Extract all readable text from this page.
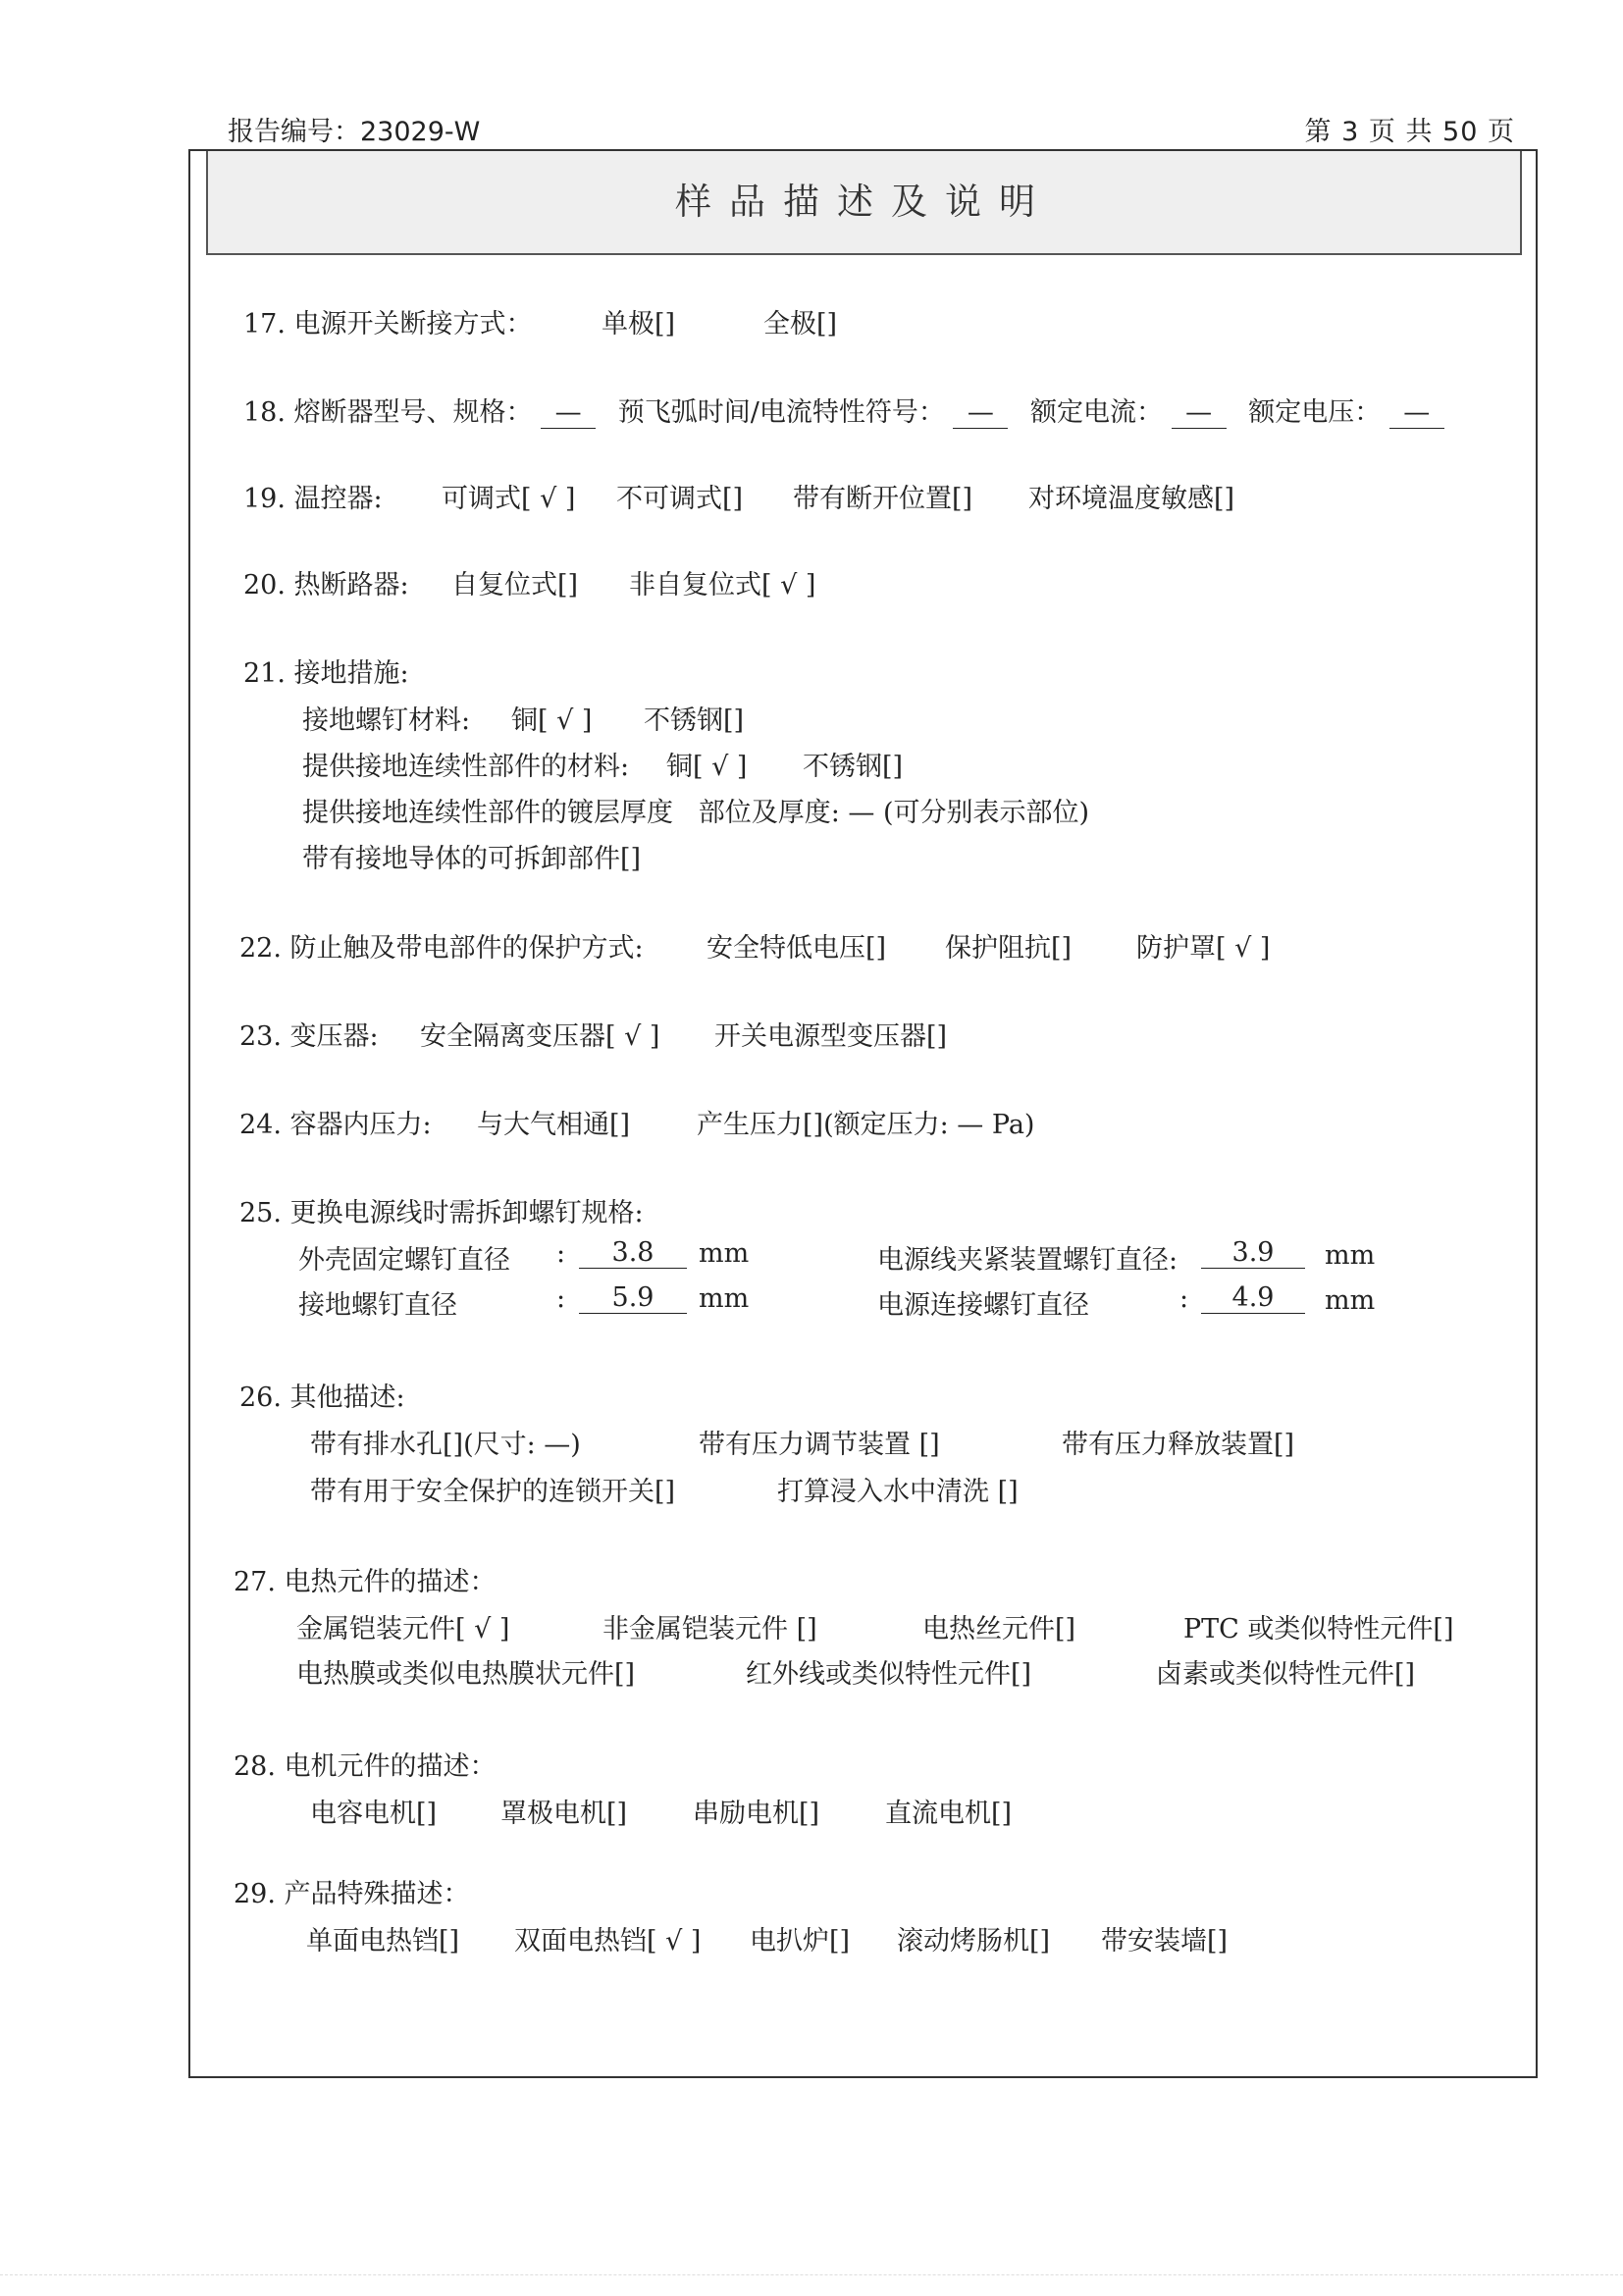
报告编号：23029-W	第 3 页 共 50 页
样品描述及说明
17. 电源开关断接方式：	单极[]	全极[]
18. 熔断器型号、规格： — 预飞弧时间/电流特性符号： — 额定电流： — 额定电压： —
19. 温控器: 可调式[ √ ] 不可调式[] 带有断开位置[] 对环境温度敏感[]
20. 热断路器: 自复位式[] 非自复位式[ √ ]
21. 接地措施:
接地螺钉材料: 铜[ √ ] 不锈钢[]
提供接地连续性部件的材料: 铜[ √ ] 不锈钢[]
提供接地连续性部件的镀层厚度   部位及厚度: — (可分别表示部位)
带有接地导体的可拆卸部件[]
22. 防止触及带电部件的保护方式: 安全特低电压[] 保护阻抗[] 防护罩[ √ ]
23. 变压器: 安全隔离变压器[ √ ] 开关电源型变压器[]
24. 容器内压力: 与大气相通[]	产生压力[](额定压力: — Pa)
25. 更换电源线时需拆卸螺钉规格:
外壳固定螺钉直径 :	3.8	mm	电源线夹紧装置螺钉直径:	3.9	mm
接地螺钉直径	:	5.9	mm	电源连接螺钉直径	:	4.9	mm
26. 其他描述:
带有排水孔[](尺寸: —)	带有压力调节装置 []	带有压力释放装置[]
带有用于安全保护的连锁开关[]	打算浸入水中清洗 []
27. 电热元件的描述：
金属铠装元件[ √ ]	非金属铠装元件 []	电热丝元件[]	PTC 或类似特性元件[]
电热膜或类似电热膜状元件[]	红外线或类似特性元件[]	卤素或类似特性元件[]
28. 电机元件的描述：
电容电机[] 罩极电机[] 串励电机[] 直流电机[]
29. 产品特殊描述：
单面电热铛[] 双面电热铛[ √ ] 电扒炉[] 滚动烤肠机[] 带安装墙[]
